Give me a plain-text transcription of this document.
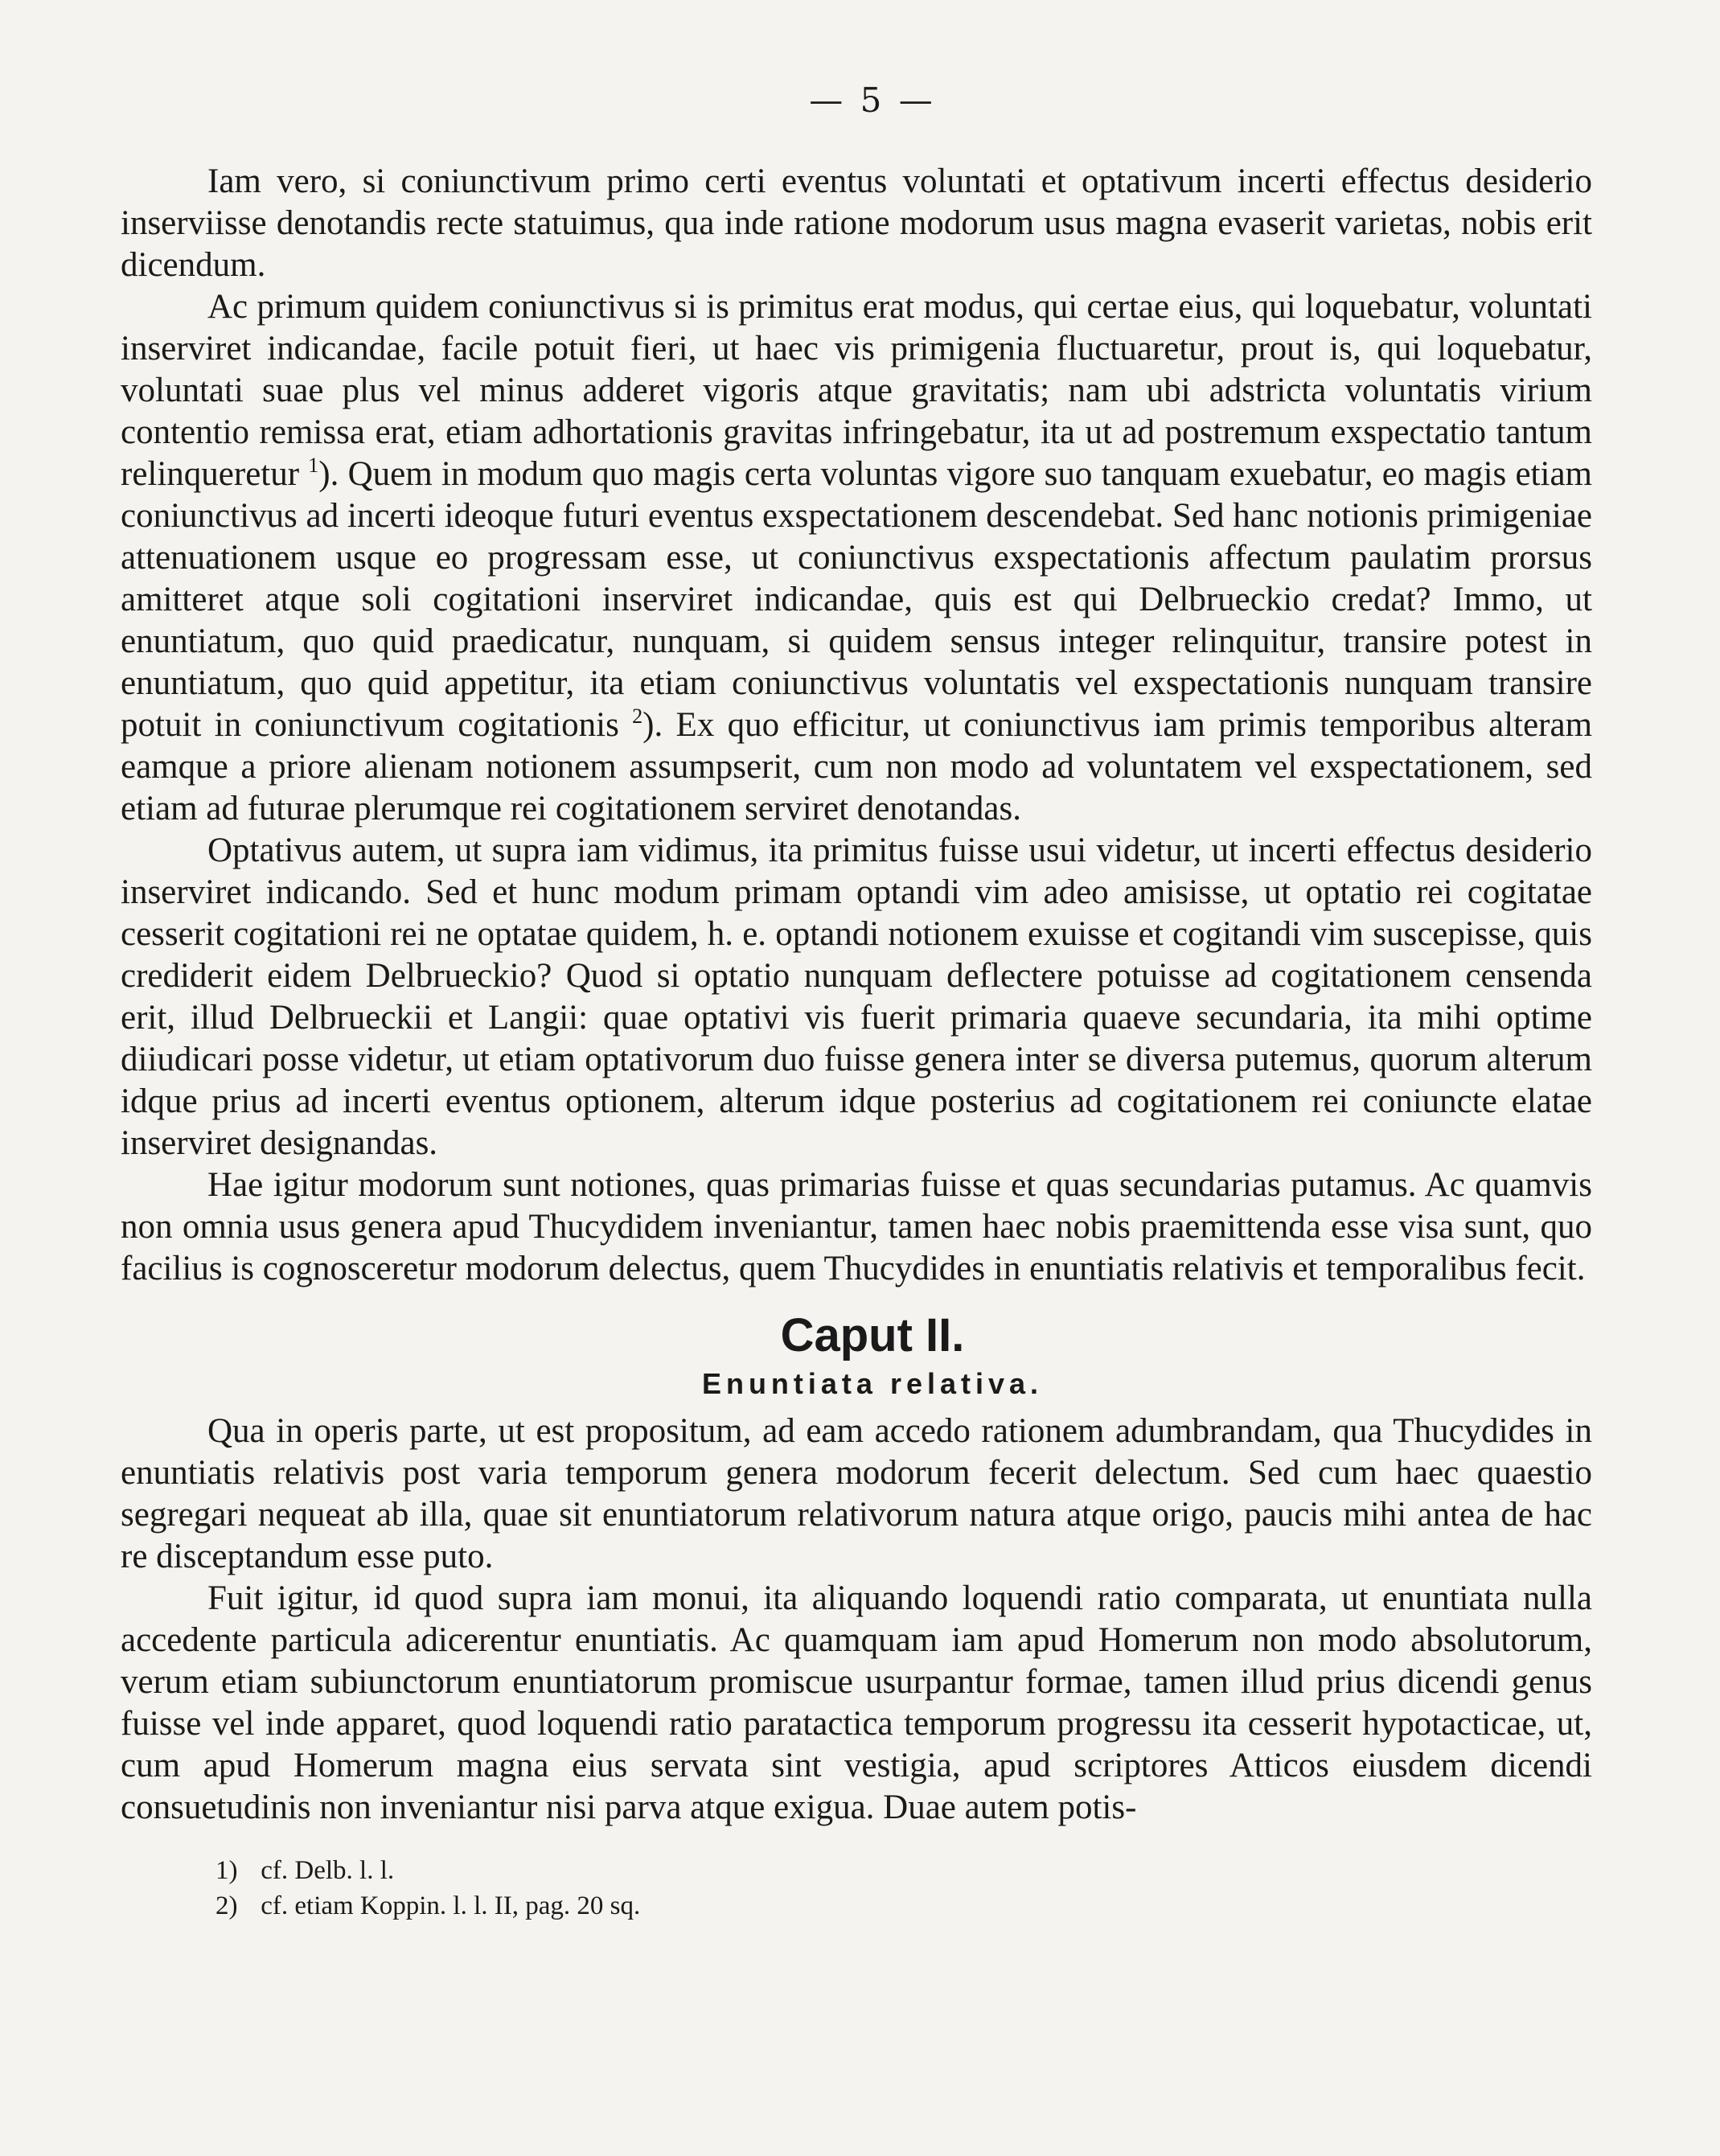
— 5 —

Iam vero, si coniunctivum primo certi eventus voluntati et optativum incerti effectus desiderio inserviisse denotandis recte statuimus, qua inde ratione modorum usus magna evaserit varietas, nobis erit dicendum.

Ac primum quidem coniunctivus si is primitus erat modus, qui certae eius, qui loquebatur, voluntati inserviret indicandae, facile potuit fieri, ut haec vis primigenia fluctuaretur, prout is, qui loquebatur, voluntati suae plus vel minus adderet vigoris atque gravitatis; nam ubi adstricta voluntatis virium contentio remissa erat, etiam adhortationis gravitas infringebatur, ita ut ad postremum exspectatio tantum relinqueretur $^1$). Quem in modum quo magis certa voluntas vigore suo tanquam exuebatur, eo magis etiam coniunctivus ad incerti ideoque futuri eventus exspectationem descendebat. Sed hanc notionis primigeniae attenuationem usque eo progressam esse, ut coniunctivus exspectationis affectum paulatim prorsus amitteret atque soli cogitationi inserviret indicandae, quis est qui Delbrueckio credat? Immo, ut enuntiatum, quo quid praedicatur, nunquam, si quidem sensus integer relinquitur, transire potest in enuntiatum, quo quid appetitur, ita etiam coniunctivus voluntatis vel exspectationis nunquam transire potuit in coniunctivum cogitationis $^2$). Ex quo efficitur, ut coniunctivus iam primis temporibus alteram eamque a priore alienam notionem assumpserit, cum non modo ad voluntatem vel exspectationem, sed etiam ad futurae plerumque rei cogitationem serviret denotandas.

Optativus autem, ut supra iam vidimus, ita primitus fuisse usui videtur, ut incerti effectus desiderio inserviret indicando. Sed et hunc modum primam optandi vim adeo amisisse, ut optatio rei cogitatae cesserit cogitationi rei ne optatae quidem, h. e. optandi notionem exuisse et cogitandi vim suscepisse, quis crediderit eidem Delbrueckio? Quod si optatio nunquam deflectere potuisse ad cogitationem censenda erit, illud Delbrueckii et Langii: quae optativi vis fuerit primaria quaeve secundaria, ita mihi optime diiudicari posse videtur, ut etiam optativorum duo fuisse genera inter se diversa putemus, quorum alterum idque prius ad incerti eventus optionem, alterum idque posterius ad cogitationem rei coniuncte elatae inserviret designandas.

Hae igitur modorum sunt notiones, quas primarias fuisse et quas secundarias putamus. Ac quamvis non omnia usus genera apud Thucydidem inveniantur, tamen haec nobis praemittenda esse visa sunt, quo facilius is cognosceretur modorum delectus, quem Thucydides in enuntiatis relativis et temporalibus fecit.

Caput II.
Enuntiata relativa.

Qua in operis parte, ut est propositum, ad eam accedo rationem adumbrandam, qua Thucydides in enuntiatis relativis post varia temporum genera modorum fecerit delectum. Sed cum haec quaestio segregari nequeat ab illa, quae sit enuntiatorum relativorum natura atque origo, paucis mihi antea de hac re disceptandum esse puto.

Fuit igitur, id quod supra iam monui, ita aliquando loquendi ratio comparata, ut enuntiata nulla accedente particula adicerentur enuntiatis. Ac quamquam iam apud Homerum non modo absolutorum, verum etiam subiunctorum enuntiatorum promiscue usurpantur formae, tamen illud prius dicendi genus fuisse vel inde apparet, quod loquendi ratio paratactica temporum progressu ita cesserit hypotacticae, ut, cum apud Homerum magna eius servata sint vestigia, apud scriptores Atticos eiusdem dicendi consuetudinis non inveniantur nisi parva atque exigua. Duae autem potis-

1) cf. Delb. l. l.
2) cf. etiam Koppin. l. l. II, pag. 20 sq.
